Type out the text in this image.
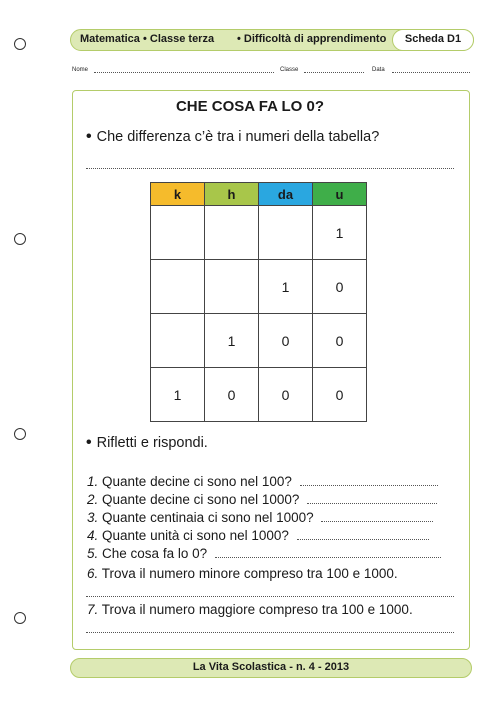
Matematica • Classe terza • Difficoltà di apprendimento	Scheda D1
Nome	Classe	Data
CHE COSA FA LO 0?
• Che differenza c’è tra i numeri della tabella?
k	h	da	u
			1
		1	0
	1	0	0
1	0	0	0
• Rifletti e rispondi.
1. Quante decine ci sono nel 100?
2. Quante decine ci sono nel 1000?
3. Quante centinaia ci sono nel 1000?
4. Quante unità ci sono nel 1000?
5. Che cosa fa lo 0?
6. Trova il numero minore compreso tra 100 e 1000.
7. Trova il numero maggiore compreso tra 100 e 1000.
La Vita Scolastica - n. 4 - 2013
